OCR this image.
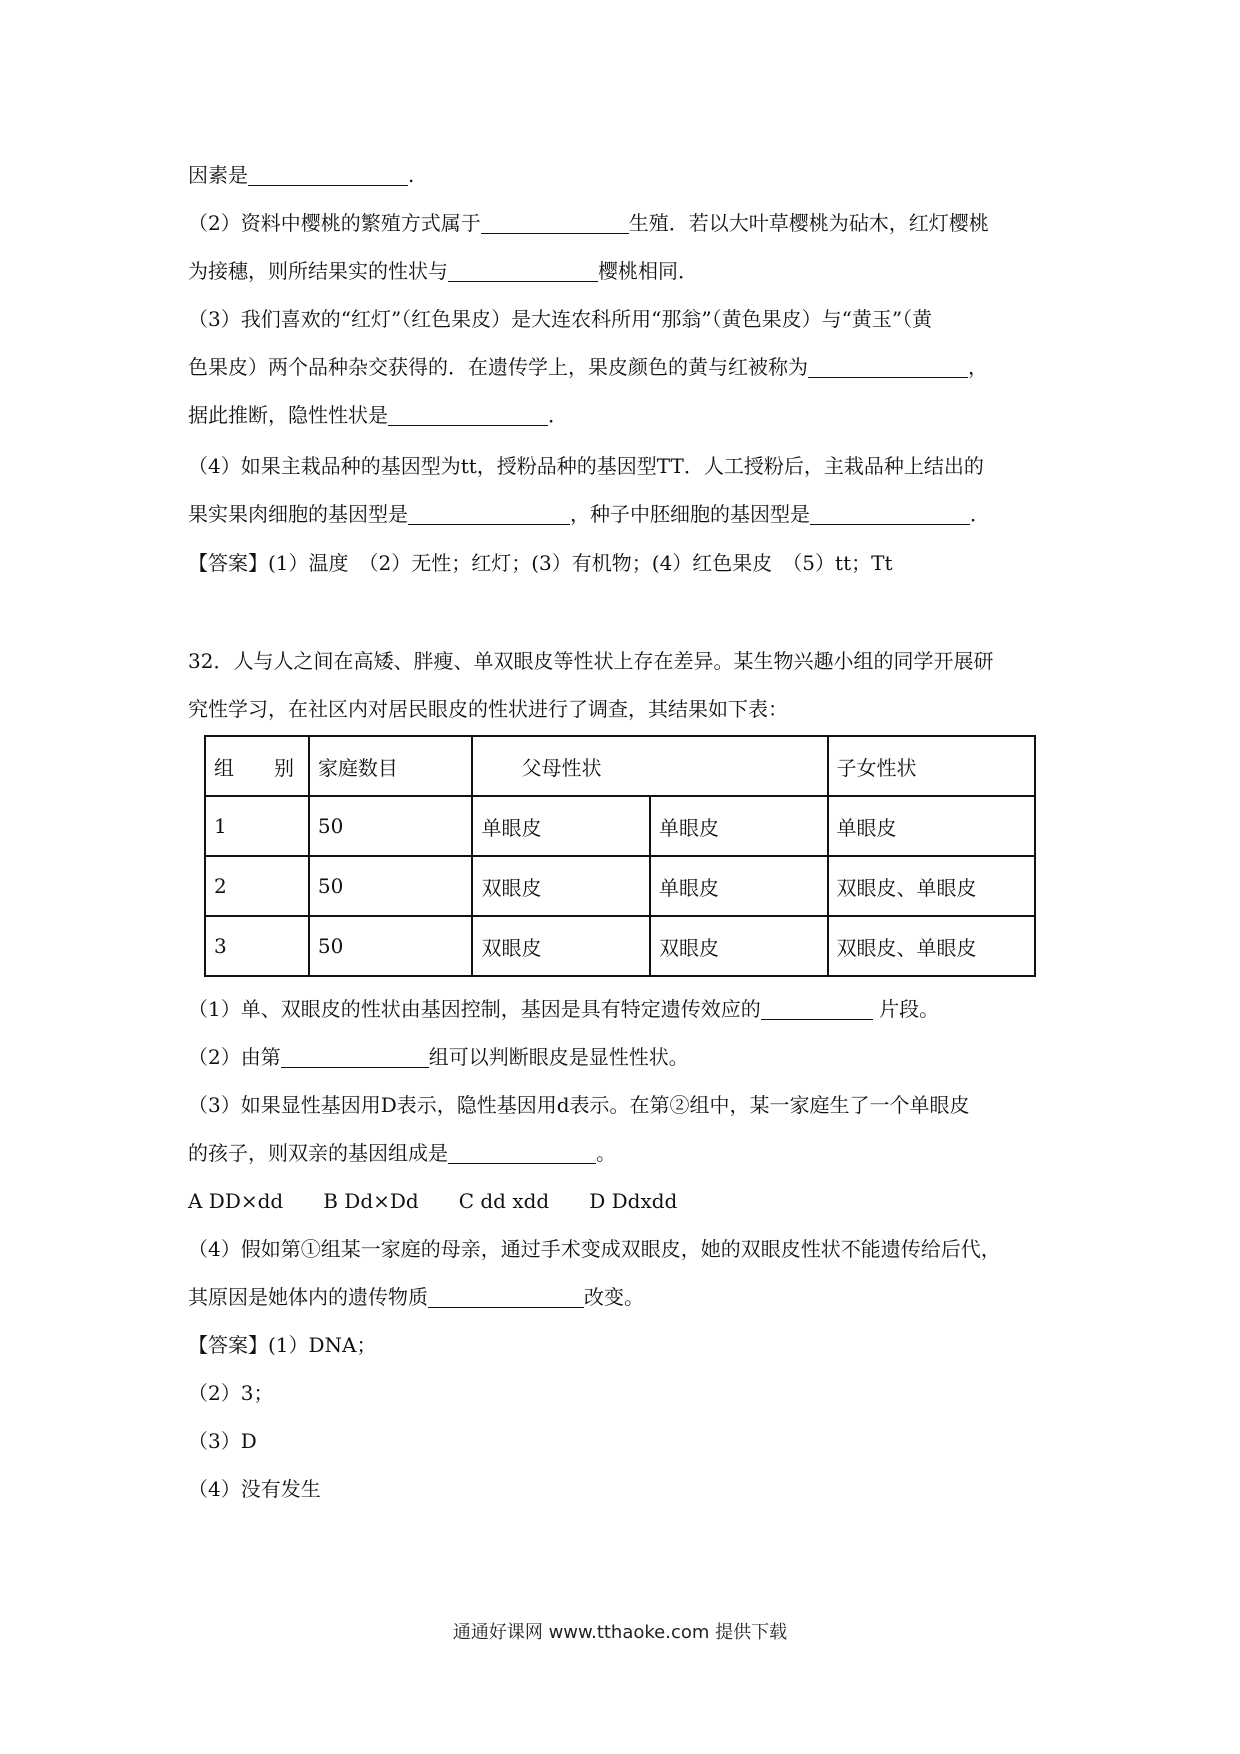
因素是	.
（2）资料中樱桃的繁殖方式属于	生殖．若以大叶草樱桃为砧木，红灯樱桃
为接穗，则所结果实的性状与	樱桃相同．
（3）我们喜欢的“红灯”（红色果皮）是大连农科所用“那翁”（黄色果皮）与“黄玉”（黄
色果皮）两个品种杂交获得的．在遗传学上，果皮颜色的黄与红被称为	，
据此推断，隐性性状是	．
（4）如果主栽品种的基因型为tt，授粉品种的基因型TT．人工授粉后，主栽品种上结出的
果实果肉细胞的基因型是	，种子中胚细胞的基因型是	．
【答案】(1）温度　（2）无性；红灯；(3）有机物；(4）红色果皮　（5）tt；Tt
32．人与人之间在高矮、胖瘦、单双眼皮等性状上存在差异。某生物兴趣小组的同学开展研
究性学习，在社区内对居民眼皮的性状进行了调查，其结果如下表：
组　　别	家庭数目	父母性状		子女性状
1	50	单眼皮	单眼皮	单眼皮
2	50	双眼皮	单眼皮	双眼皮、单眼皮
3	50	双眼皮	双眼皮	双眼皮、单眼皮
（1）单、双眼皮的性状由基因控制，基因是具有特定遗传效应的	片段。
（2）由第	组可以判断眼皮是显性性状。
（3）如果显性基因用D表示，隐性基因用d表示。在第②组中，某一家庭生了一个单眼皮
的孩子，则双亲的基因组成是	。
A DD×dd　　B Dd×Dd　　C dd xdd　　D Ddxdd
（4）假如第①组某一家庭的母亲，通过手术变成双眼皮，她的双眼皮性状不能遗传给后代，
其原因是她体内的遗传物质	改变。
【答案】(1）DNA；
（2）3；
（3）D
（4）没有发生
通通好课网 www.tthaoke.com 提供下载
